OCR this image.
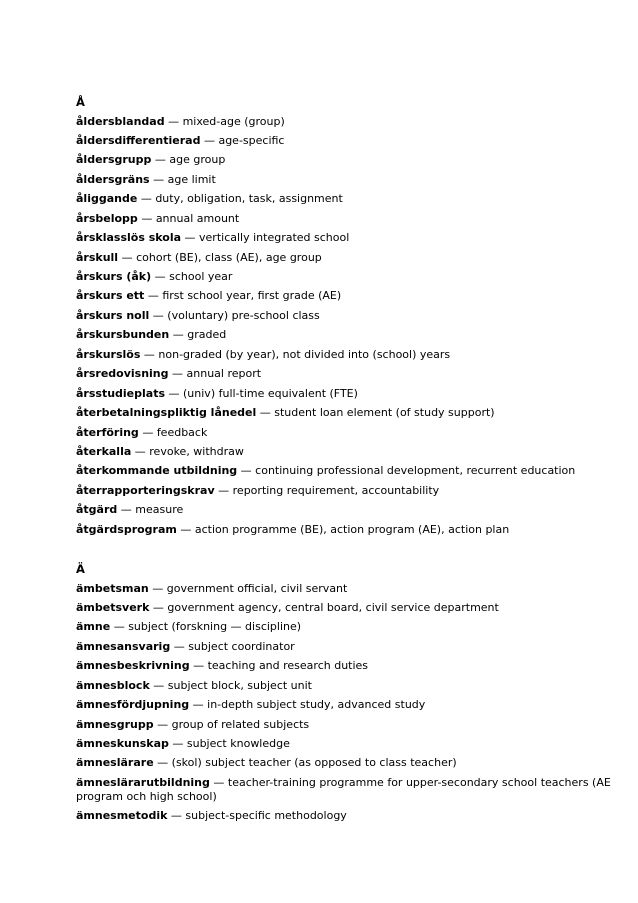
Å
åldersblandad — mixed-age (group)
åldersdifferentierad — age-specific
åldersgrupp — age group
åldersgräns — age limit
åliggande — duty, obligation, task, assignment
årsbelopp — annual amount
årsklasslös skola — vertically integrated school
årskull — cohort (BE), class (AE), age group
årskurs (åk) — school year
årskurs ett — first school year, first grade (AE)
årskurs noll — (voluntary) pre-school class
årskursbunden — graded
årskurslös — non-graded (by year), not divided into (school) years
årsredovisning — annual report
årsstudieplats — (univ) full-time equivalent (FTE)
återbetalningspliktig lånedel — student loan element (of study support)
återföring — feedback
återkalla — revoke, withdraw
återkommande utbildning — continuing professional development, recurrent education
återrapporteringskrav — reporting requirement, accountability
åtgärd — measure
åtgärdsprogram — action programme (BE), action program (AE), action plan
Ä
ämbetsman — government official, civil servant
ämbetsverk — government agency, central board, civil service department
ämne — subject (forskning — discipline)
ämnesansvarig — subject coordinator
ämnesbeskrivning — teaching and research duties
ämnesblock — subject block, subject unit
ämnesfördjupning — in-depth subject study, advanced study
ämnesgrupp — group of related subjects
ämneskunskap — subject knowledge
ämneslärare — (skol) subject teacher (as opposed to class teacher)
ämneslärarutbildning — teacher-training programme for upper-secondary school teachers (AE program och high school)
ämnesmetodik — subject-specific methodology
